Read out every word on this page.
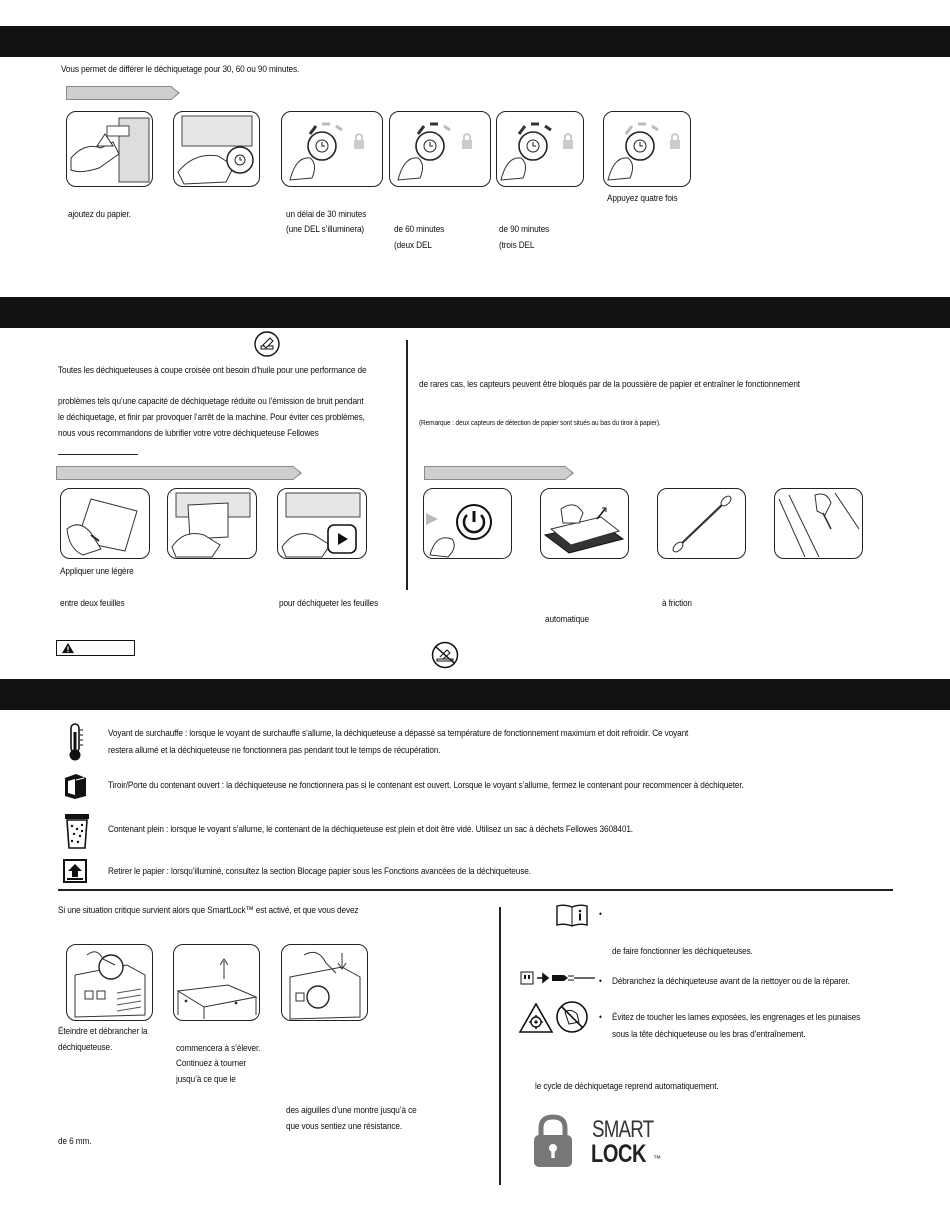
Vous permet de différer le déchiquetage pour 30, 60 ou 90 minutes.
ajoutez du papier.	un délai de 30 minutes
(une DEL s’illuminera)	de 60 minutes
(deux DEL
de 90 minutes
(trois DEL
Appuyez quatre fois
Toutes les déchiqueteuses à coupe croisée ont besoin d’huile pour une performance de
problèmes tels qu’une capacité de déchiquetage réduite ou l’émission de bruit pendant
le déchiquetage, et finir par provoquer l’arrêt de la machine. Pour éviter ces problèmes,
nous vous recommandons de lubrifier votre votre déchiqueteuse Fellowes
Appliquer une légère
entre deux feuilles	pour déchiqueter les feuilles
de rares cas, les capteurs peuvent être bloqués par de la poussière de papier et entraîner le fonctionnement
(Remarque : deux capteurs de détection de papier sont situés au bas du tiroir à papier).
automatique
à friction
Voyant de surchauffe : lorsque le voyant de surchauffe s’allume, la déchiqueteuse a dépassé sa température de fonctionnement maximum et doit refroidir. Ce voyant
restera allumé et la déchiqueteuse ne fonctionnera pas pendant tout le temps de récupération.
Tiroir/Porte du contenant ouvert : la déchiqueteuse ne fonctionnera pas si le contenant est ouvert. Lorsque le voyant s’allume, fermez le contenant pour recommencer à déchiqueter.
Contenant plein : lorsque le voyant s’allume, le contenant de la déchiqueteuse est plein et doit être vidé. Utilisez un sac à déchets Fellowes 3608401.
Retirer le papier : lorsqu’illuminé, consultez la section Blocage papier sous les Fonctions avancées de la déchiqueteuse.
Si une situation critique survient alors que SmartLock™ est activé, et que vous devez
Éteindre et débrancher la
déchiqueteuse.	commencera à s’élever.
Continuez à tourner
jusqu’à ce que le
des aiguilles d’une montre jusqu’à ce
que vous sentiez une résistance.
de 6 mm.
•
de faire fonctionner les déchiqueteuses.
• Débranchez la déchiqueteuse avant de la nettoyer ou de la réparer.
• Évitez de toucher les lames exposées, les engrenages et les punaises
sous la tête déchiqueteuse ou les bras d’entraînement.
le cycle de déchiquetage reprend automatiquement.
SMART
LOCK ™
